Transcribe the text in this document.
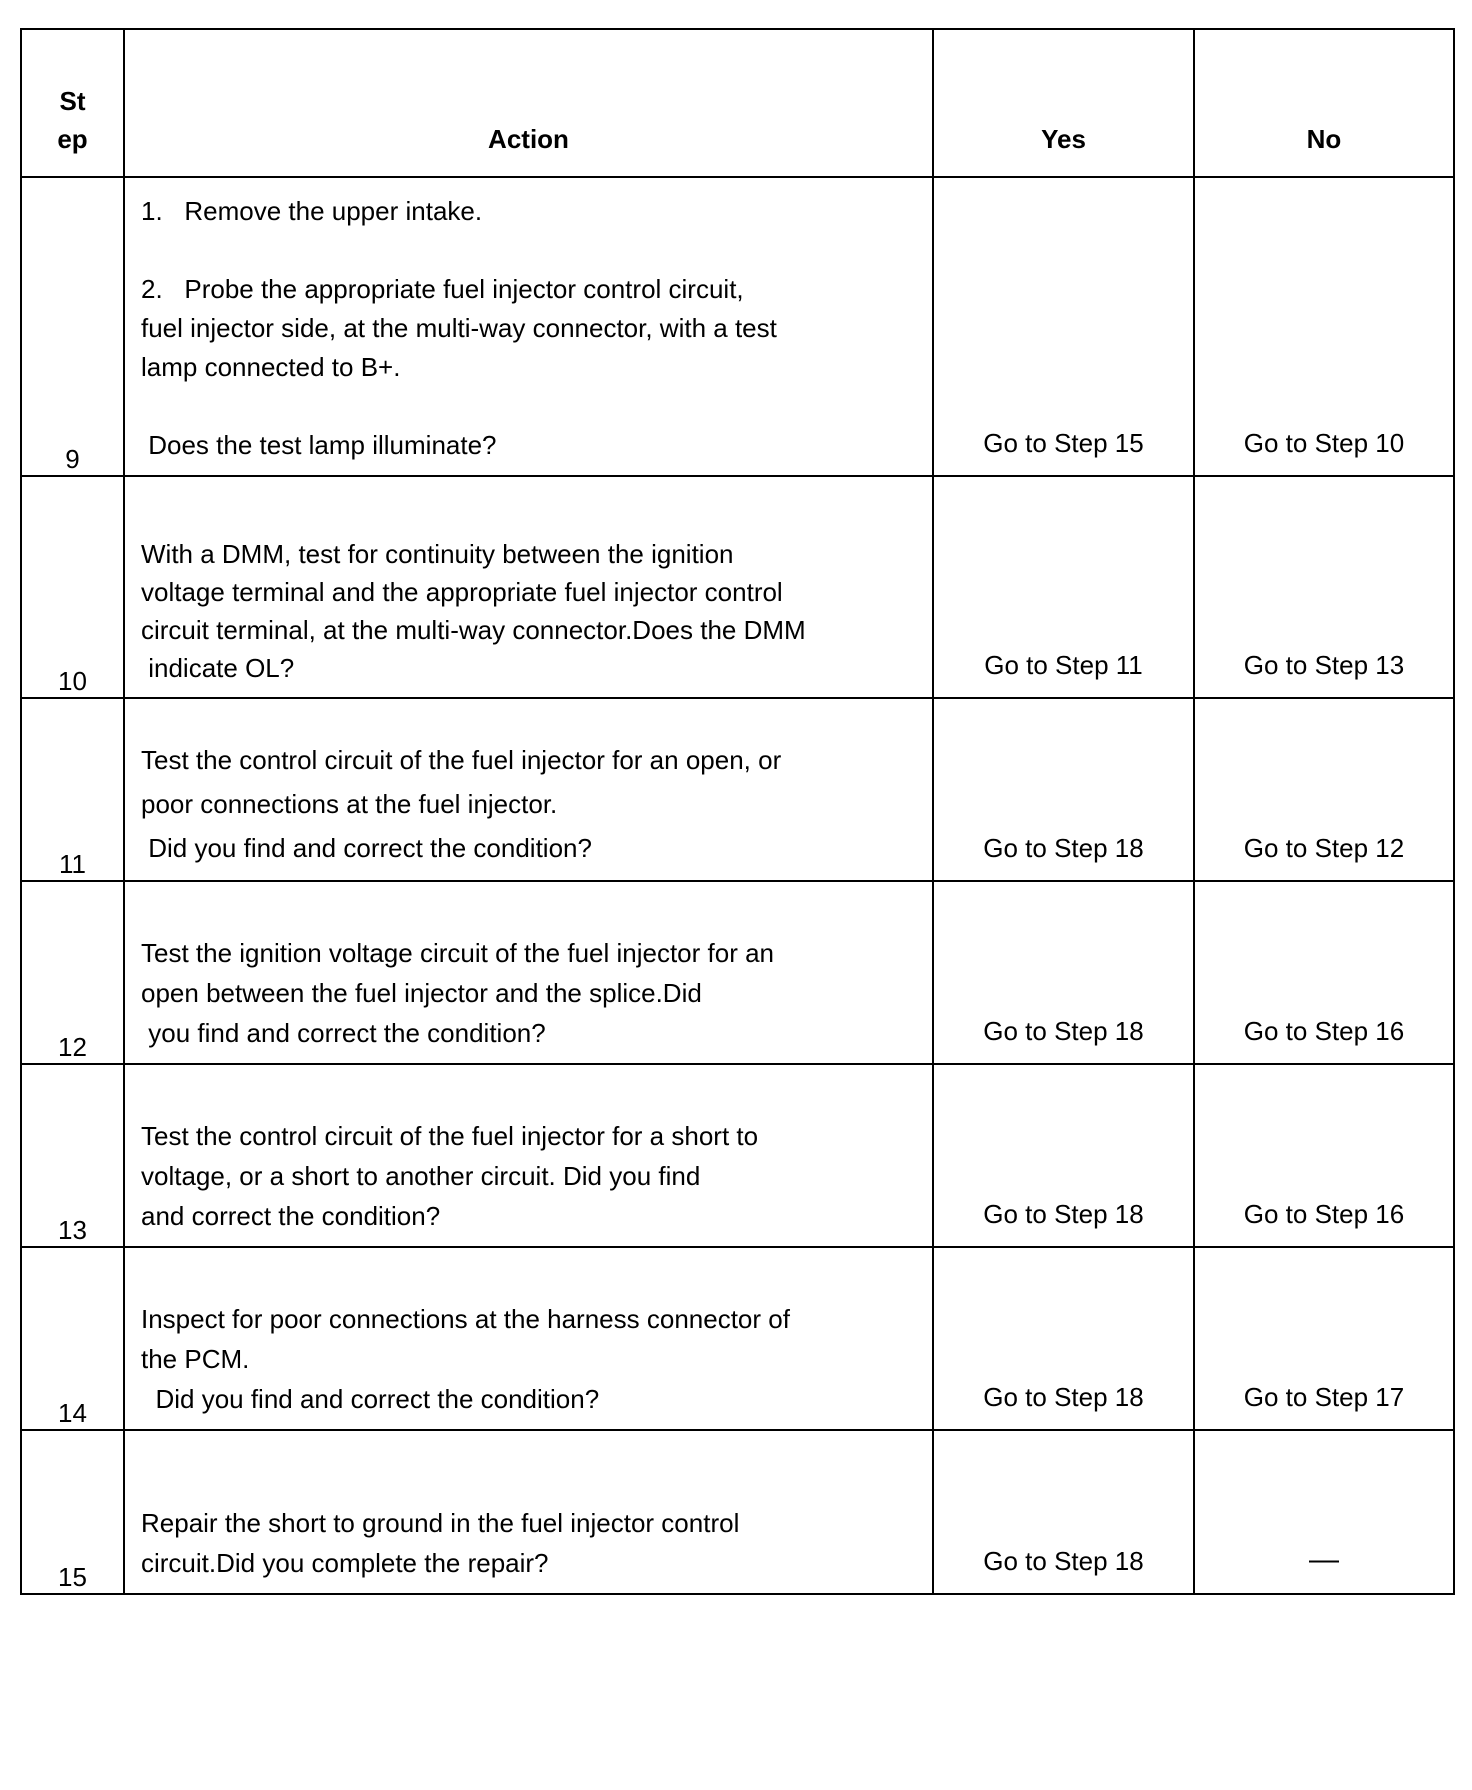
St
ep	Action	Yes	No
9	1.   Remove the upper intake.

2.   Probe the appropriate fuel injector control circuit,
fuel injector side, at the multi-way connector, with a test
lamp connected to B+.

Does the test lamp illuminate?	Go to Step 15	Go to Step 10
10	With a DMM, test for continuity between the ignition
voltage terminal and the appropriate fuel injector control
circuit terminal, at the multi-way connector.Does the DMM
indicate OL?	Go to Step 11	Go to Step 13
11	Test the control circuit of the fuel injector for an open, or
poor connections at the fuel injector.
Did you find and correct the condition?	Go to Step 18	Go to Step 12
12	Test the ignition voltage circuit of the fuel injector for an
open between the fuel injector and the splice.Did
you find and correct the condition?	Go to Step 18	Go to Step 16
13	Test the control circuit of the fuel injector for a short to
voltage, or a short to another circuit. Did you find
and correct the condition?	Go to Step 18	Go to Step 16
14	Inspect for poor connections at the harness connector of
the PCM.
Did you find and correct the condition?	Go to Step 18	Go to Step 17
15	Repair the short to ground in the fuel injector control
circuit.Did you complete the repair?	Go to Step 18	—
